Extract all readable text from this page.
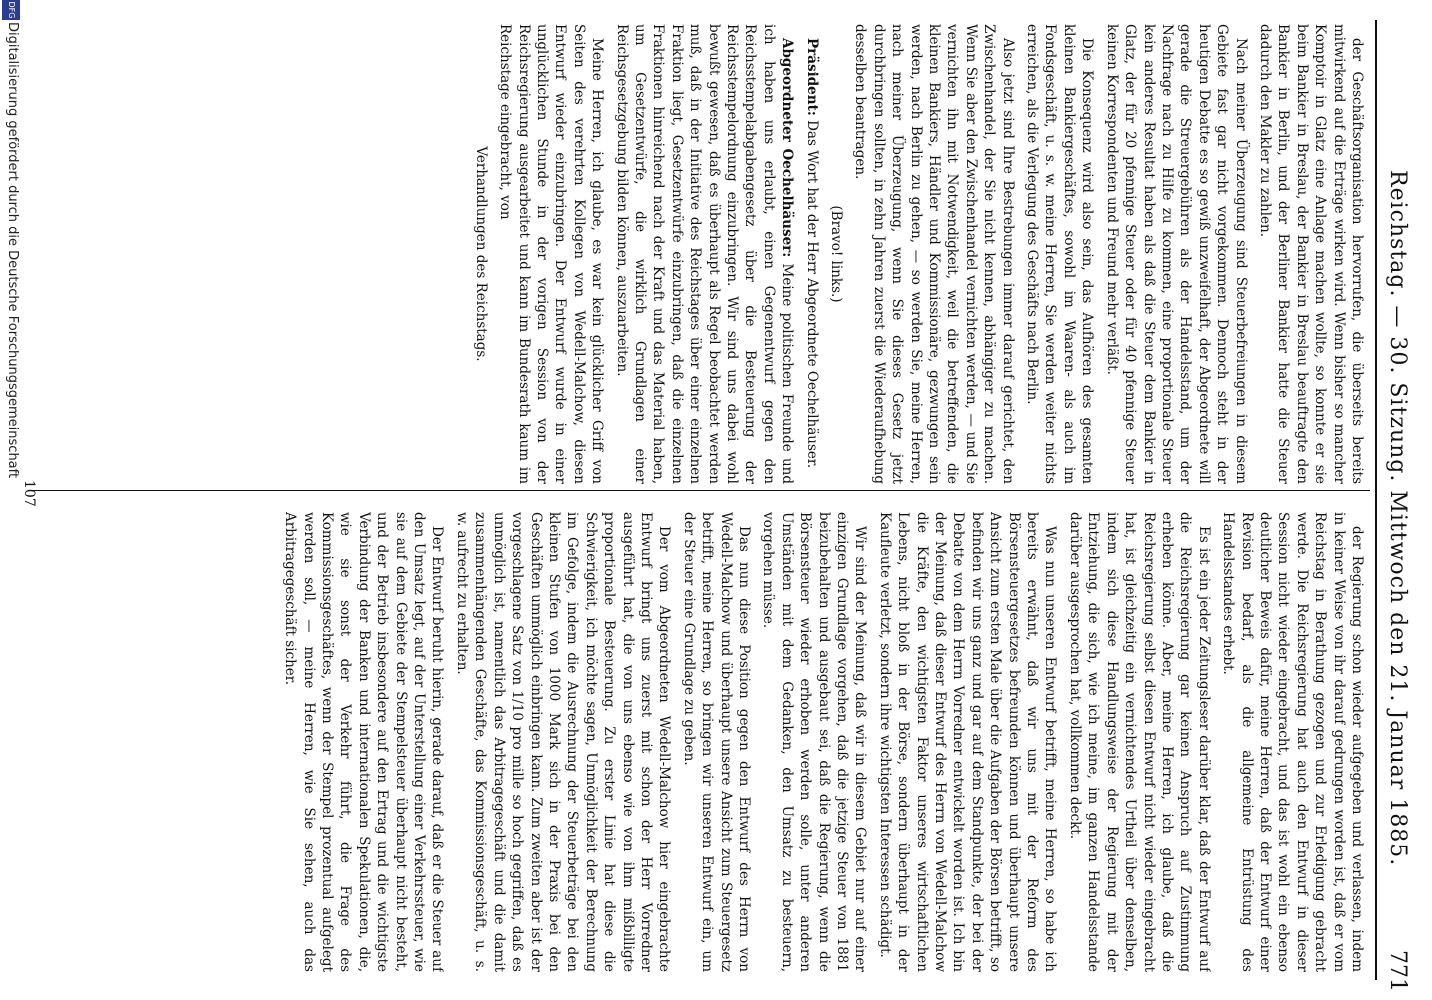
Reichstag. — 30. Sitzung. Mittwoch den 21. Januar 1885.
771

der Geschäftsorganisation hervorrufen, die überseits bereits mitwirkend auf die Erträge wirken wird. Wenn bisher so mancher Komptoir in Glatz eine Anlage machen wollte, so konnte er sie beim Bankier in Breslau, der Bankier in Breslau beauftragte den Bankier in Berlin, und der Berliner Bankier hatte die Steuer dadurch den Makler zu zahlen.

Nach meiner Überzeugung sind Steuerbefreiungen in diesem Gebiete fast gar nicht vorgekommen. Dennoch steht in der heutigen Debatte es so gewiß unzweifelhaft, der Abgeordnete will gerade die Streuergebühren als der Handelsstand, um der Nachfrage nach zu Hilfe zu kommen, eine proportionale Steuer kein anderes Resultat haben als daß die Steuer dem Bankier in Glatz, der für 20 pfennige Steuer oder für 40 pfennige Steuer keinen Korrespondenten und Freund mehr verläßt.

Die Konsequenz wird also sein, das Aufhören des gesamten kleinen Bankiergeschäftes, sowohl im Waaren- als auch im Fondsgeschäft, u. s. w. meine Herren, Sie werden weiter nichts erreichen, als die Verlegung des Geschäfts nach Berlin.

Also jetzt sind Ihre Bestrebungen immer darauf gerichtet, den Zwischenhandel, der Sie nicht kennen, abhängiger zu machen. Wenn Sie aber den Zwischenhandel vernichten werden, — und Sie vernichten ihn mit Notwendigkeit, weil die betreffenden, die kleinen Bankiers, Händler und Kommissionäre, gezwungen sein werden, nach Berlin zu gehen, — so werden Sie, meine Herren, nach meiner Überzeugung, wenn Sie dieses Gesetz jetzt durchbringen sollten, in zehn Jahren zuerst die Wiederaufhebung desselben beantragen.

(Bravo! links.)

Präsident: Das Wort hat der Herr Abgeordnete Oechelhäuser.

Abgeordneter Oechelhäuser: Meine politischen Freunde und ich haben uns erlaubt, einen Gegenentwurf gegen den Reichsstempelabgabengesetz über die Besteuerung der Reichsstempelordnung einzubringen. Wir sind uns dabei wohl bewußt gewesen, daß es überhaupt als Regel beobachtet werden muß, daß in der Initiative des Reichstages über einer einzelnen Fraktion liegt, Gesetzentwürfe einzubringen, daß die einzelnen Fraktionen hinreichend nach der Kraft und das Material haben, um Gesetzentwürfe, die wirklich Grundlagen einer Reichsgesetzgebung bilden können, auszuarbeiten.

Meine Herren, ich glaube, es war kein glücklicher Griff von Seiten des verehrten Kollegen von Wedell-Malchow, diesen Entwurf wieder einzubringen. Der Entwurf wurde in einer unglücklichen Stunde in der vorigen Session von der Reichsregierung ausgearbeitet und kann im Bundesrath kaum im Reichstage eingebracht, von

Verhandlungen des Reichstags.

der Regierung schon wieder aufgegeben und verlassen, indem in keiner Weise von ihr darauf gedrungen worden ist, daß er vom Reichstag in Berathung gezogen und zur Erledigung gebracht werde. Die Reichsregierung hat auch den Entwurf in dieser Session nicht wieder eingebracht, und das ist wohl ein ebenso deutlicher Beweis dafür, meine Herren, daß der Entwurf einer Revision bedarf, als die allgemeine Entrüstung des Handelsstandes erhebt.

Es ist ein jeder Zeitungsleser darüber klar, daß der Entwurf auf die Reichsregierung gar keinen Anspruch auf Zustimmung erheben könne. Aber, meine Herren, ich glaube, daß die Reichsregierung selbst diesen Entwurf nicht wieder eingebracht hat, ist gleichzeitig ein vernichtendes Urtheil über denselben, indem sich diese Handlungsweise der Regierung mit der Entziehung, die sich, wie ich meine, im ganzen Handelsstande darüber ausgesprochen hat, vollkommen deckt.

Was nun unseren Entwurf betrifft, meine Herren, so habe ich bereits erwähnt, daß wir uns mit der Reform des Börsensteuergesetzes befreunden können und überhaupt unsere Ansicht zum ersten Male über die Aufgaben der Börsen betrifft, so befinden wir uns ganz und gar auf dem Standpunkte, der bei der Debatte von dem Herrn Vorredner entwickelt worden ist. Ich bin der Meinung, daß dieser Entwurf des Herrn von Wedell-Malchow die Kräfte, den wichtigsten Faktor unseres wirtschaftlichen Lebens, nicht bloß in der Börse, sondern überhaupt in der Kaufleute verletzt, sondern ihre wichtigsten Interessen schädigt.

Wir sind der Meinung, daß wir in diesem Gebiet nur auf einer einzigen Grundlage vorgehen, daß die jetzige Steuer von 1881 beizubehalten und ausgebaut sei, daß die Regierung, wenn die Börsensteuer wieder erhoben werden solle, unter anderen Umständen mit dem Gedanken, den Umsatz zu besteuern, vorgehen müsse.

Das nun diese Position gegen den Entwurf des Herrn von Wedell-Malchow und überhaupt unsere Ansicht zum Steuergesetz betrifft, meine Herren, so bringen wir unseren Entwurf ein, um der Steuer eine Grundlage zu geben.

Der vom Abgeordneten Wedell-Malchow hier eingebrachte Entwurf bringt uns zuerst mit schon der Herr Vorredner ausgeführt hat, die von uns ebenso wie von ihm mißbilligte proportionale Besteuerung. Zu erster Linie hat diese die Schwierigkeit, ich möchte sagen, Unmöglichkeit der Berechnung im Gefolge, indem die Ausrechnung der Steuerbeträge bei den kleinen Stufen von 1000 Mark sich in der Praxis bei den Geschäften ummöglich einbringen kann. Zum zweiten aber ist der vorgeschlagene Satz von 1/10 pro mille so hoch gegriffen, daß es unmöglich ist, namentlich das Arbitragegeschäft und die damit zusammenhängenden Geschäfte, das Kommissionsgeschäft, u. s. w. aufrecht zu erhalten.

Der Entwurf beruht hierin, gerade darauf, daß er die Steuer auf den Umsatz legt, auf der Unterstellung einer Verkehrssteuer, wie sie auf dem Gebiete der Stempelsteuer überhaupt nicht besteht, und der Betrieb insbesondere auf den Ertrag und die wichtigste Verbindung der Banken und internationalen Spekulationen, die, wie sie sonst der Verkehr führt, die Frage des Kommissionsgeschäftes, wenn der Stempel prozentual aufgelegt werden soll, — meine Herren, wie Sie sehen, auch das Arbitragegeschäft sicher.

107
DFG
Digitalisierung gefördert durch die Deutsche Forschungsgemeinschaft
